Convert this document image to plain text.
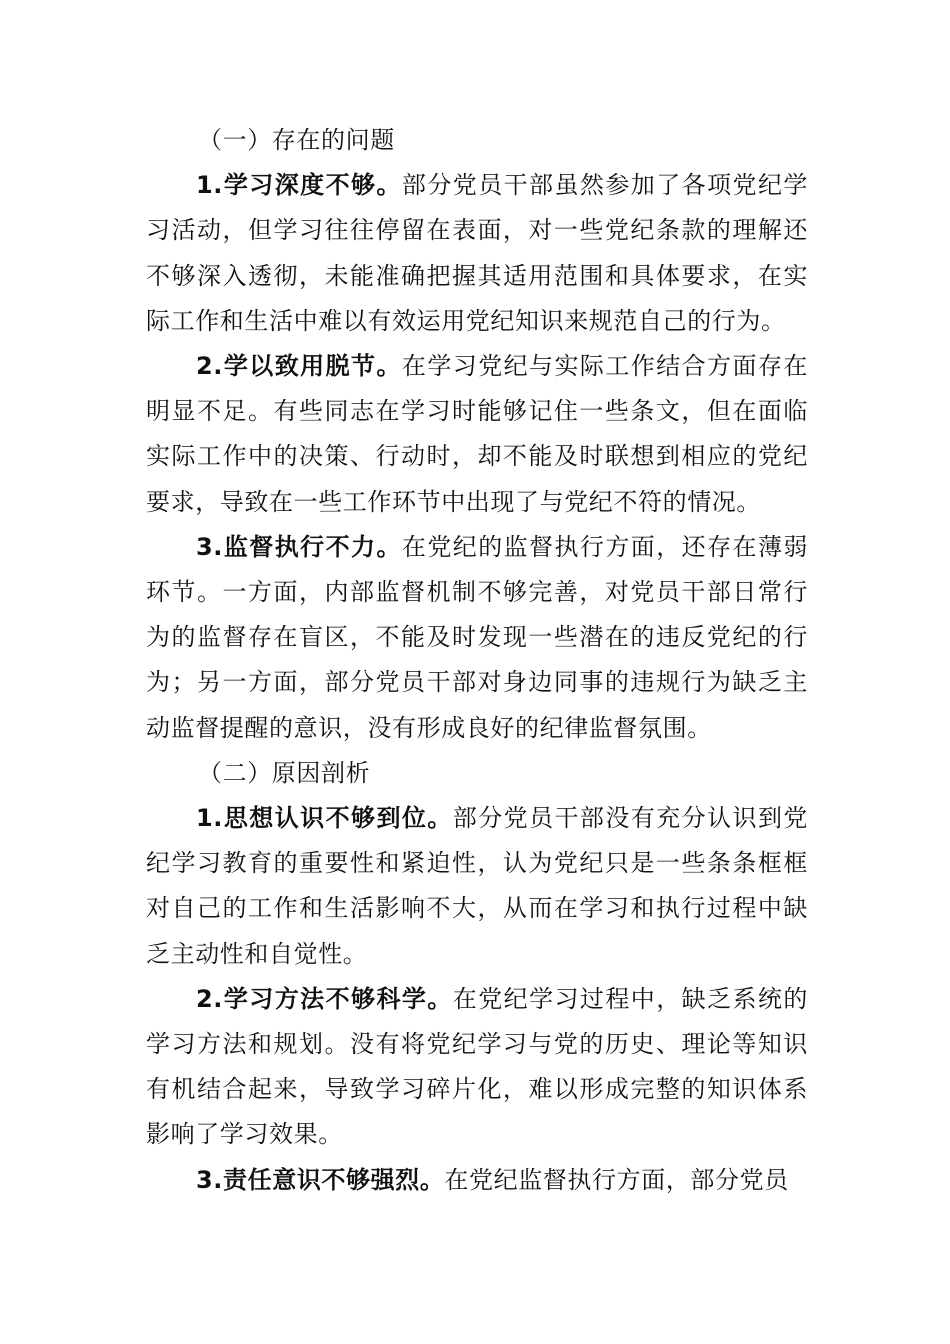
（一）存在的问题

1.学习深度不够。部分党员干部虽然参加了各项党纪学习活动，但学习往往停留在表面，对一些党纪条款的理解还不够深入透彻，未能准确把握其适用范围和具体要求，在实际工作和生活中难以有效运用党纪知识来规范自己的行为。

2.学以致用脱节。在学习党纪与实际工作结合方面存在明显不足。有些同志在学习时能够记住一些条文，但在面临实际工作中的决策、行动时，却不能及时联想到相应的党纪要求，导致在一些工作环节中出现了与党纪不符的情况。

3.监督执行不力。在党纪的监督执行方面，还存在薄弱环节。一方面，内部监督机制不够完善，对党员干部日常行为的监督存在盲区，不能及时发现一些潜在的违反党纪的行为；另一方面，部分党员干部对身边同事的违规行为缺乏主动监督提醒的意识，没有形成良好的纪律监督氛围。

（二）原因剖析

1.思想认识不够到位。部分党员干部没有充分认识到党纪学习教育的重要性和紧迫性，认为党纪只是一些条条框框对自己的工作和生活影响不大，从而在学习和执行过程中缺乏主动性和自觉性。

2.学习方法不够科学。在党纪学习过程中，缺乏系统的学习方法和规划。没有将党纪学习与党的历史、理论等知识有机结合起来，导致学习碎片化，难以形成完整的知识体系影响了学习效果。

3.责任意识不够强烈。在党纪监督执行方面，部分党员
